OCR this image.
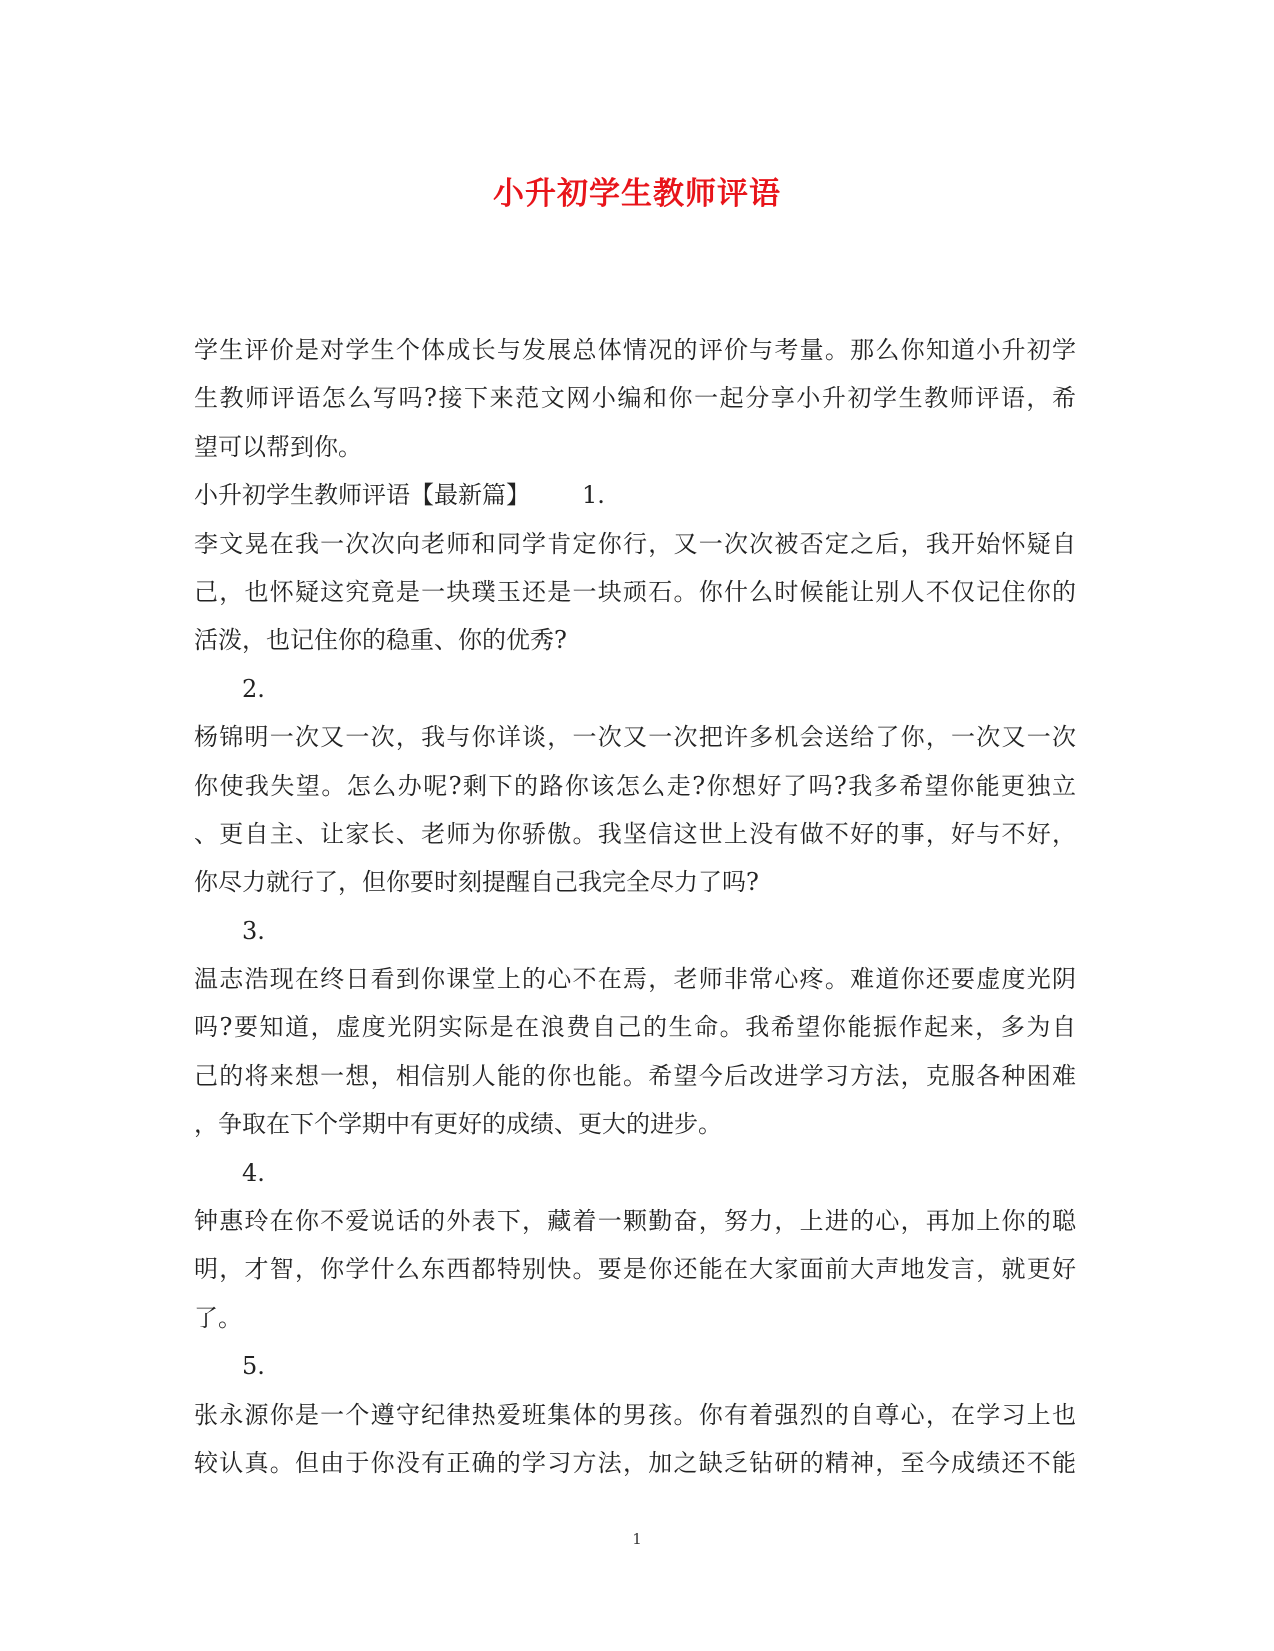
小升初学生教师评语
学生评价是对学生个体成长与发展总体情况的评价与考量。那么你知道小升初学
生教师评语怎么写吗?接下来范文网小编和你一起分享小升初学生教师评语，希
望可以帮到你。
小升初学生教师评语【最新篇】 1.
李文晃在我一次次向老师和同学肯定你行，又一次次被否定之后，我开始怀疑自
己，也怀疑这究竟是一块璞玉还是一块顽石。你什么时候能让别人不仅记住你的
活泼，也记住你的稳重、你的优秀?
2.
杨锦明一次又一次，我与你详谈，一次又一次把许多机会送给了你，一次又一次
你使我失望。怎么办呢?剩下的路你该怎么走?你想好了吗?我多希望你能更独立
、更自主、让家长、老师为你骄傲。我坚信这世上没有做不好的事，好与不好，
你尽力就行了，但你要时刻提醒自己我完全尽力了吗?
3.
温志浩现在终日看到你课堂上的心不在焉，老师非常心疼。难道你还要虚度光阴
吗?要知道，虚度光阴实际是在浪费自己的生命。我希望你能振作起来，多为自
己的将来想一想，相信别人能的你也能。希望今后改进学习方法，克服各种困难
，争取在下个学期中有更好的成绩、更大的进步。
4.
钟惠玲在你不爱说话的外表下，藏着一颗勤奋，努力，上进的心，再加上你的聪
明，才智，你学什么东西都特别快。要是你还能在大家面前大声地发言，就更好
了。
5.
张永源你是一个遵守纪律热爱班集体的男孩。你有着强烈的自尊心，在学习上也
较认真。但由于你没有正确的学习方法，加之缺乏钻研的精神，至今成绩还不能
1
